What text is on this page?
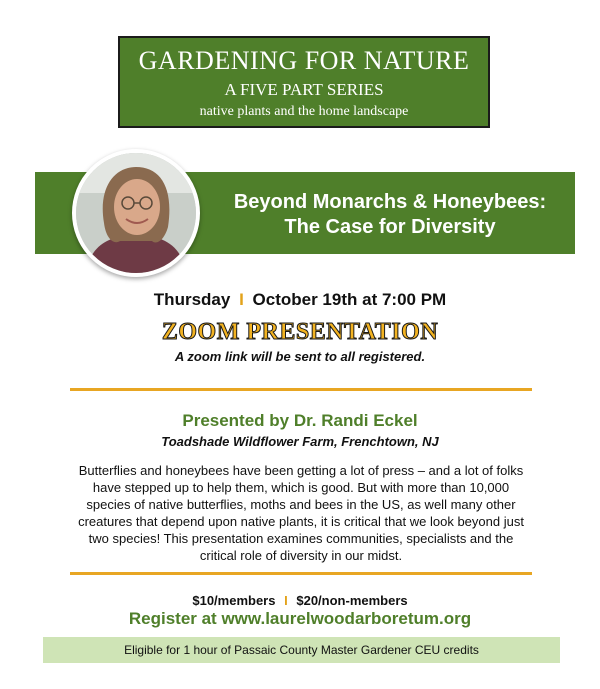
GARDENING FOR NATURE
A FIVE PART SERIES
native plants and the home landscape
Beyond Monarchs & Honeybees:
The Case for Diversity
Thursday I October 19th at 7:00 PM
ZOOM PRESENTATION
A zoom link will be sent to all registered.
Presented by Dr. Randi Eckel
Toadshade Wildflower Farm, Frenchtown, NJ
Butterflies and honeybees have been getting a lot of press – and a lot of folks have stepped up to help them, which is good. But with more than 10,000 species of native butterflies, moths and bees in the US, as well many other creatures that depend upon native plants, it is critical that we look beyond just two species! This presentation examines communities, specialists and the critical role of diversity in our midst.
$10/members I $20/non-members
Register at www.laurelwoodarboretum.org
Eligible for 1 hour of Passaic County Master Gardener CEU credits
